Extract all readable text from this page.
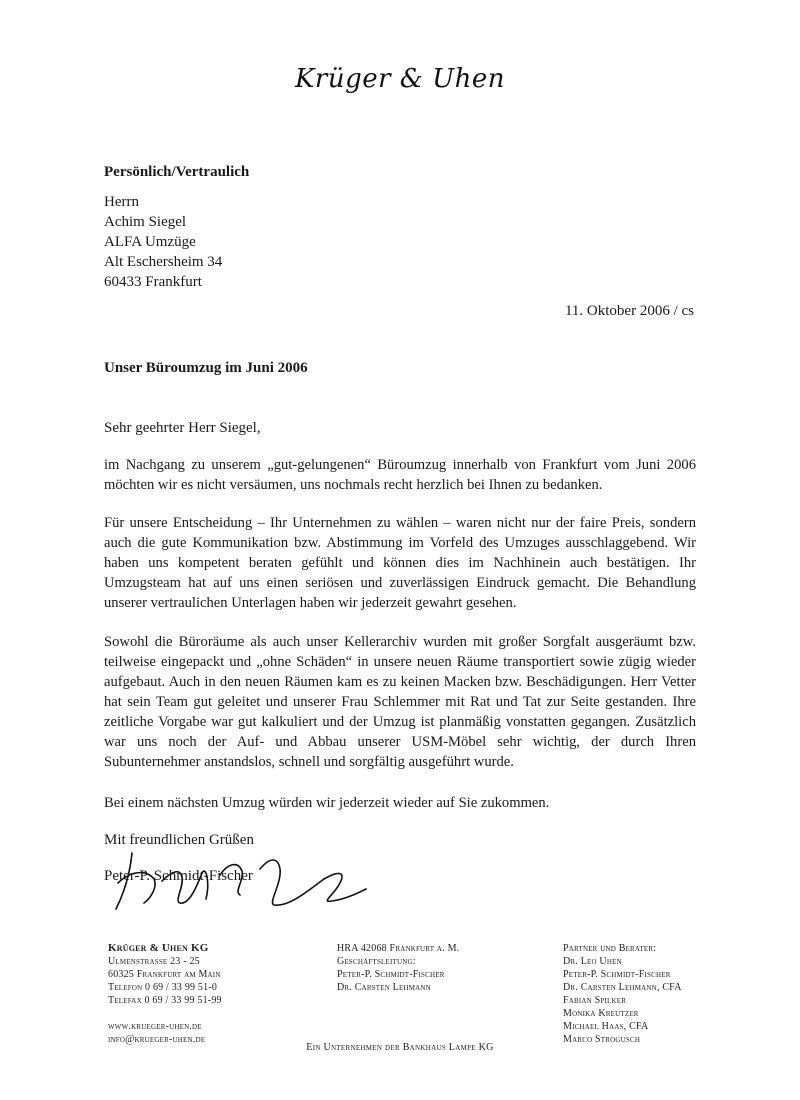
Krüger & Uhen
Persönlich/Vertraulich
Herrn
Achim Siegel
ALFA Umzüge
Alt Eschersheim 34
60433 Frankfurt
11. Oktober 2006 / cs
Unser Büroumzug im Juni 2006
Sehr geehrter Herr Siegel,
im Nachgang zu unserem „gut-gelungenen“ Büroumzug innerhalb von Frankfurt vom Juni 2006 möchten wir es nicht versäumen, uns nochmals recht herzlich bei Ihnen zu bedanken.
Für unsere Entscheidung – Ihr Unternehmen zu wählen – waren nicht nur der faire Preis, sondern auch die gute Kommunikation bzw. Abstimmung im Vorfeld des Umzuges ausschlaggebend. Wir haben uns kompetent beraten gefühlt und können dies im Nachhinein auch bestätigen. Ihr Umzugsteam hat auf uns einen seriösen und zuverlässigen Eindruck gemacht. Die Behandlung unserer vertraulichen Unterlagen haben wir jederzeit gewahrt gesehen.
Sowohl die Büroräume als auch unser Kellerarchiv wurden mit großer Sorgfalt ausgeräumt bzw. teilweise eingepackt und „ohne Schäden“ in unsere neuen Räume transportiert sowie zügig wieder aufgebaut. Auch in den neuen Räumen kam es zu keinen Macken bzw. Beschädigungen. Herr Vetter hat sein Team gut geleitet und unserer Frau Schlemmer mit Rat und Tat zur Seite gestanden. Ihre zeitliche Vorgabe war gut kalkuliert und der Umzug ist planmäßig vonstatten gegangen. Zusätzlich war uns noch der Auf- und Abbau unserer USM-Möbel sehr wichtig, der durch Ihren Subunternehmer anstandslos, schnell und sorgfältig ausgeführt wurde.
Bei einem nächsten Umzug würden wir jederzeit wieder auf Sie zukommen.
Mit freundlichen Grüßen
Peter-P. Schmidt-Fischer
Krüger & Uhen KG
Ulmenstrasse 23 - 25
60325 Frankfurt am Main
Telefon 0 69 / 33 99 51-0
Telefax 0 69 / 33 99 51-99
www.krueger-uhen.de
info@krueger-uhen.de
HRA 42068 Frankfurt a. M.
Geschäftsleitung:
Peter-P. Schmidt-Fischer
Dr. Carsten Lehmann
Partner und Berater:
Dr. Leo Uhen
Peter-P. Schmidt-Fischer
Dr. Carsten Lehmann, CFA
Fabian Spilker
Monika Kreutzer
Michael Haas, CFA
Marco Strogusch
Ein Unternehmen der Bankhaus Lampe KG
